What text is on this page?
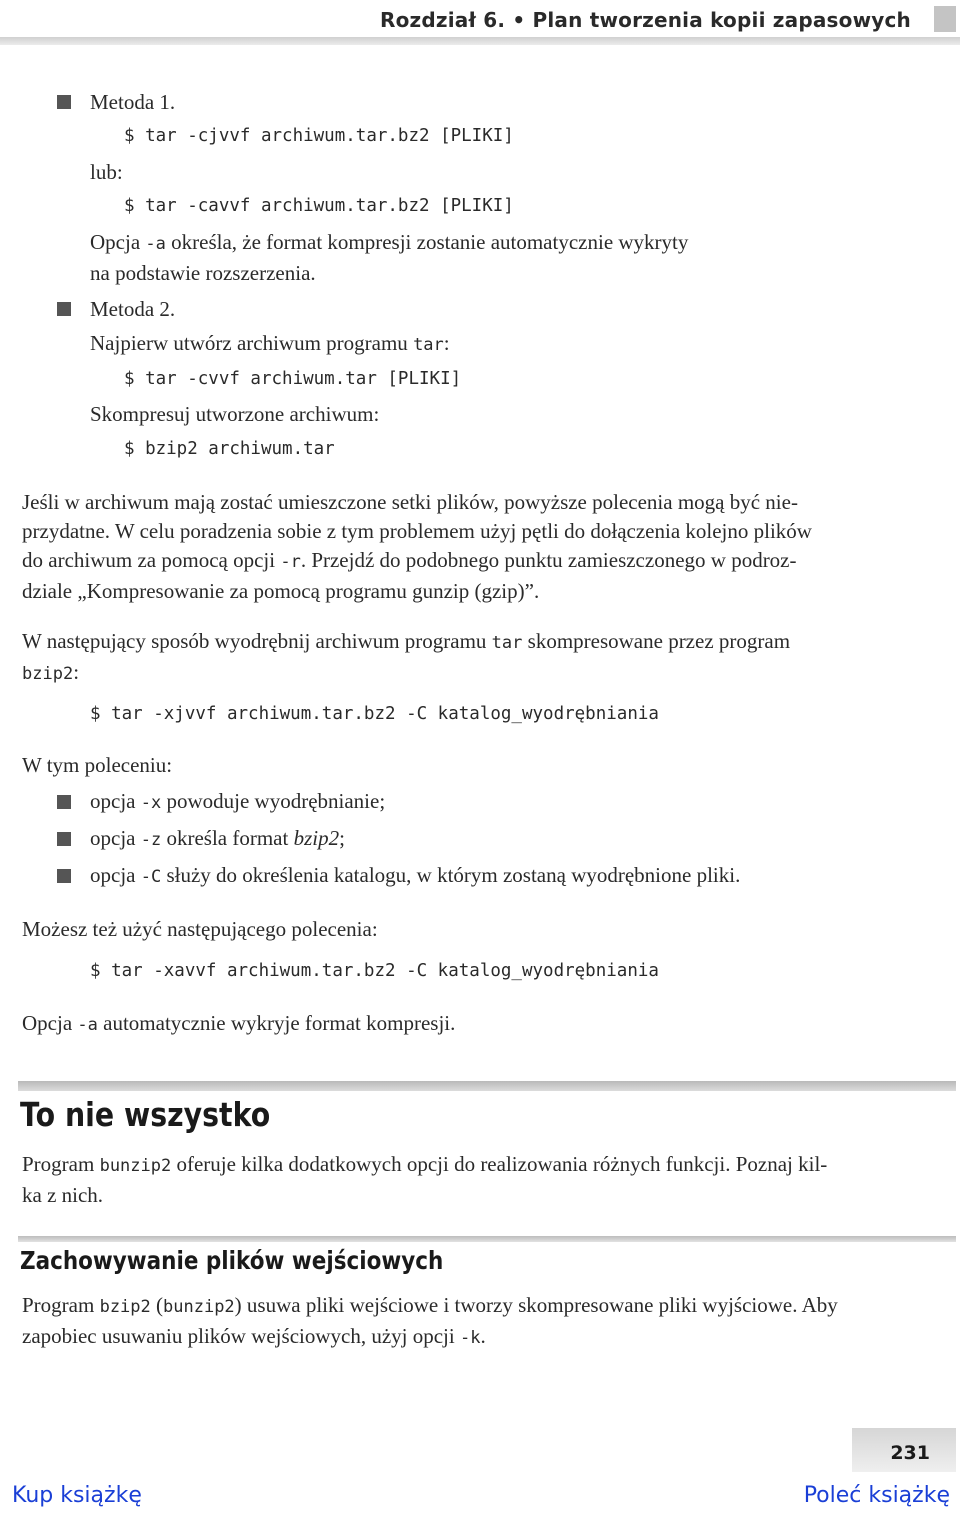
Rozdział 6. • Plan tworzenia kopii zapasowych
Metoda 1.
$ tar -cjvvf archiwum.tar.bz2 [PLIKI]
lub:
$ tar -cavvf archiwum.tar.bz2 [PLIKI]
Opcja -a określa, że format kompresji zostanie automatycznie wykryty
na podstawie rozszerzenia.
Metoda 2.
Najpierw utwórz archiwum programu tar:
$ tar -cvvf archiwum.tar [PLIKI]
Skompresuj utworzone archiwum:
$ bzip2 archiwum.tar
Jeśli w archiwum mają zostać umieszczone setki plików, powyższe polecenia mogą być nie-
przydatne. W celu poradzenia sobie z tym problemem użyj pętli do dołączenia kolejno plików
do archiwum za pomocą opcji -r. Przejdź do podobnego punktu zamieszczonego w podroz-
dziale „Kompresowanie za pomocą programu gunzip (gzip)”.
W następujący sposób wyodrębnij archiwum programu tar skompresowane przez program
bzip2:
$ tar -xjvvf archiwum.tar.bz2 -C katalog_wyodrębniania
W tym poleceniu:
opcja -x powoduje wyodrębnianie;
opcja -z określa format bzip2;
opcja -C służy do określenia katalogu, w którym zostaną wyodrębnione pliki.
Możesz też użyć następującego polecenia:
$ tar -xavvf archiwum.tar.bz2 -C katalog_wyodrębniania
Opcja -a automatycznie wykryje format kompresji.
To nie wszystko
Program bunzip2 oferuje kilka dodatkowych opcji do realizowania różnych funkcji. Poznaj kil-
ka z nich.
Zachowywanie plików wejściowych
Program bzip2 (bunzip2) usuwa pliki wejściowe i tworzy skompresowane pliki wyjściowe. Aby
zapobiec usuwaniu plików wejściowych, użyj opcji -k.
231
Kup książkę	Poleć książkę
